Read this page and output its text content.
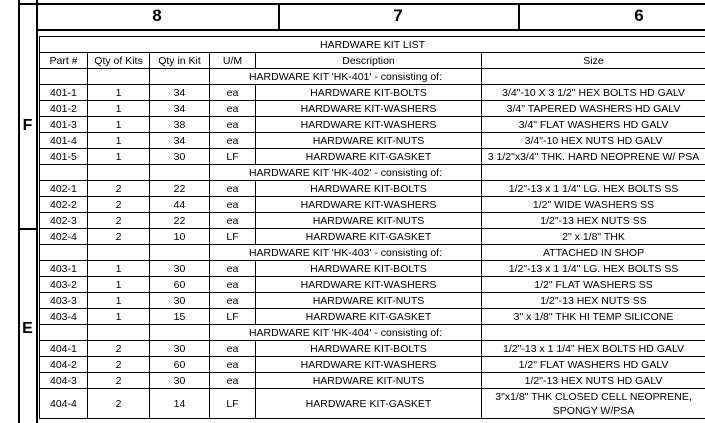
8	7	6
F
E
HARDWARE KIT LIST					
Part #	Qty of Kits	Qty in Kit	U/M	Description	Size
			HARDWARE KIT 'HK-401' - consisting of:		
401-1	1	34	ea	HARDWARE KIT-BOLTS	3/4"-10 X 3 1/2" HEX BOLTS HD GALV
401-2	1	34	ea	HARDWARE KIT-WASHERS	3/4" TAPERED WASHERS HD GALV
401-3	1	38	ea	HARDWARE KIT-WASHERS	3/4" FLAT WASHERS HD GALV
401-4	1	34	ea	HARDWARE KIT-NUTS	3/4"-10 HEX NUTS HD GALV
401-5	1	30	LF	HARDWARE KIT-GASKET	3 1/2"x3/4" THK. HARD NEOPRENE W/ PSA
			HARDWARE KIT 'HK-402' - consisting of:		
402-1	2	22	ea	HARDWARE KIT-BOLTS	1/2"-13 x 1 1/4" LG. HEX BOLTS SS
402-2	2	44	ea	HARDWARE KIT-WASHERS	1/2" WIDE WASHERS SS
402-3	2	22	ea	HARDWARE KIT-NUTS	1/2"-13 HEX NUTS SS
402-4	2	10	LF	HARDWARE KIT-GASKET	2" x 1/8" THK
			HARDWARE KIT 'HK-403' - consisting of:		ATTACHED IN SHOP
403-1	1	30	ea	HARDWARE KIT-BOLTS	1/2"-13 x 1 1/4" LG. HEX BOLTS SS
403-2	1	60	ea	HARDWARE KIT-WASHERS	1/2" FLAT WASHERS SS
403-3	1	30	ea	HARDWARE KIT-NUTS	1/2"-13 HEX NUTS SS
403-4	1	15	LF	HARDWARE KIT-GASKET	3" x 1/8" THK HI TEMP SILICONE
			HARDWARE KIT 'HK-404' - consisting of:		
404-1	2	30	ea	HARDWARE KIT-BOLTS	1/2"-13 x 1 1/4" HEX BOLTS HD GALV
404-2	2	60	ea	HARDWARE KIT-WASHERS	1/2" FLAT WASHERS HD GALV
404-3	2	30	ea	HARDWARE KIT-NUTS	1/2"-13 HEX NUTS HD GALV
404-4	2	14	LF	HARDWARE KIT-GASKET	3"x1/8" THK CLOSED CELL NEOPRENE, SPONGY W/PSA
